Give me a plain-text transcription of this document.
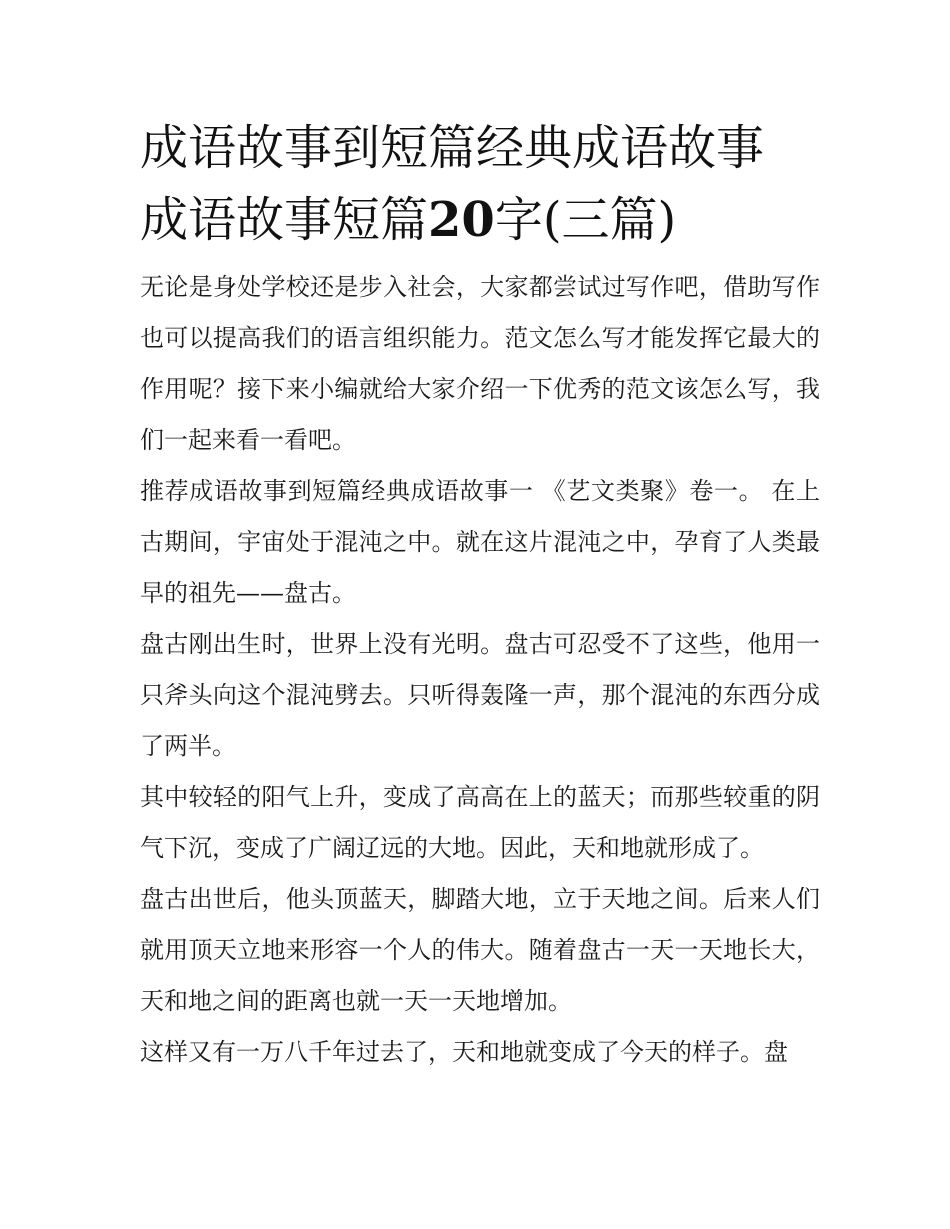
成语故事到短篇经典成语故事
成语故事短篇20字(三篇)

无论是身处学校还是步入社会，大家都尝试过写作吧，借助写作也可以提高我们的语言组织能力。范文怎么写才能发挥它最大的作用呢？接下来小编就给大家介绍一下优秀的范文该怎么写，我们一起来看一看吧。

推荐成语故事到短篇经典成语故事一 《艺文类聚》卷一。 在上古期间，宇宙处于混沌之中。就在这片混沌之中，孕育了人类最早的祖先——盘古。

盘古刚出生时，世界上没有光明。盘古可忍受不了这些，他用一只斧头向这个混沌劈去。只听得轰隆一声，那个混沌的东西分成了两半。

其中较轻的阳气上升，变成了高高在上的蓝天；而那些较重的阴气下沉，变成了广阔辽远的大地。因此，天和地就形成了。

盘古出世后，他头顶蓝天，脚踏大地，立于天地之间。后来人们就用顶天立地来形容一个人的伟大。随着盘古一天一天地长大，天和地之间的距离也就一天一天地增加。

这样又有一万八千年过去了，天和地就变成了今天的样子。盘
